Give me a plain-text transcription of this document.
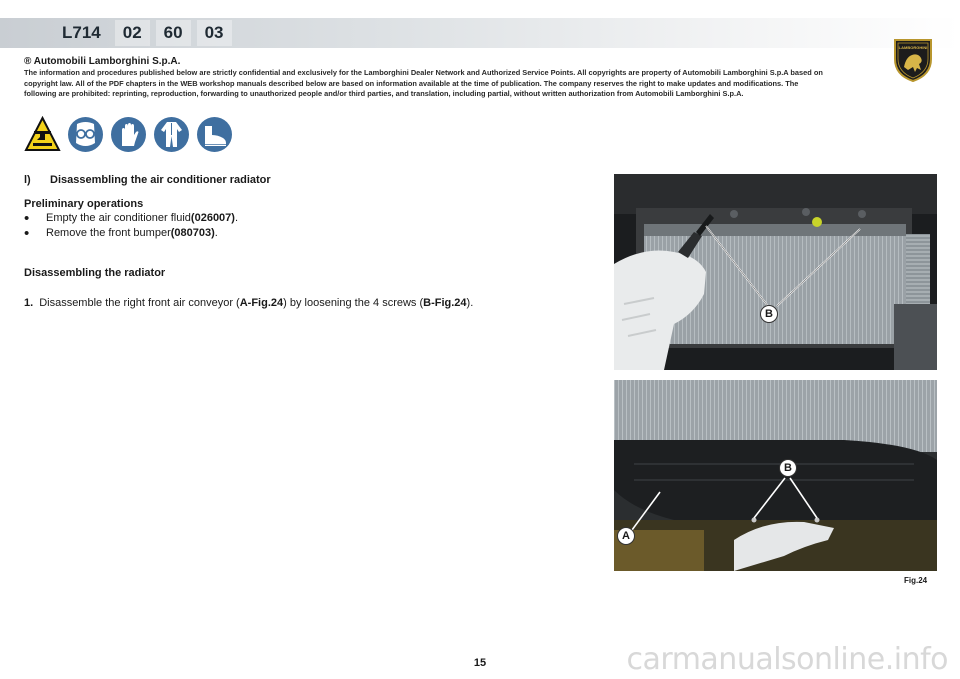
L714	02	60	03
LAMBORGHINI
® Automobili Lamborghini S.p.A.
The information and procedures published below are strictly confidential and exclusively for the Lamborghini Dealer Network and Authorized Service Points. All copyrights are property of Automobili Lamborghini S.p.A based on copyright law. All of the PDF chapters in the WEB workshop manuals described below are based on information available at the time of publication. The company reserves the right to make updates and modifications. The following are prohibited: reprinting, reproduction, forwarding to unauthorized people and/or third parties, and translation, including partial, without written authorization from Automobili Lamborghini S.p.A.
l) Disassembling the air conditioner radiator
Preliminary operations
•	Empty the air conditioner fluid (026007) .
•	Remove the front bumper (080703) .
Disassembling the radiator
1. Disassemble the right front air conveyor (A-Fig.24) by loosening the 4 screws (B-Fig.24).
B
B
A
Fig.24
15	carmanualsonline.info
